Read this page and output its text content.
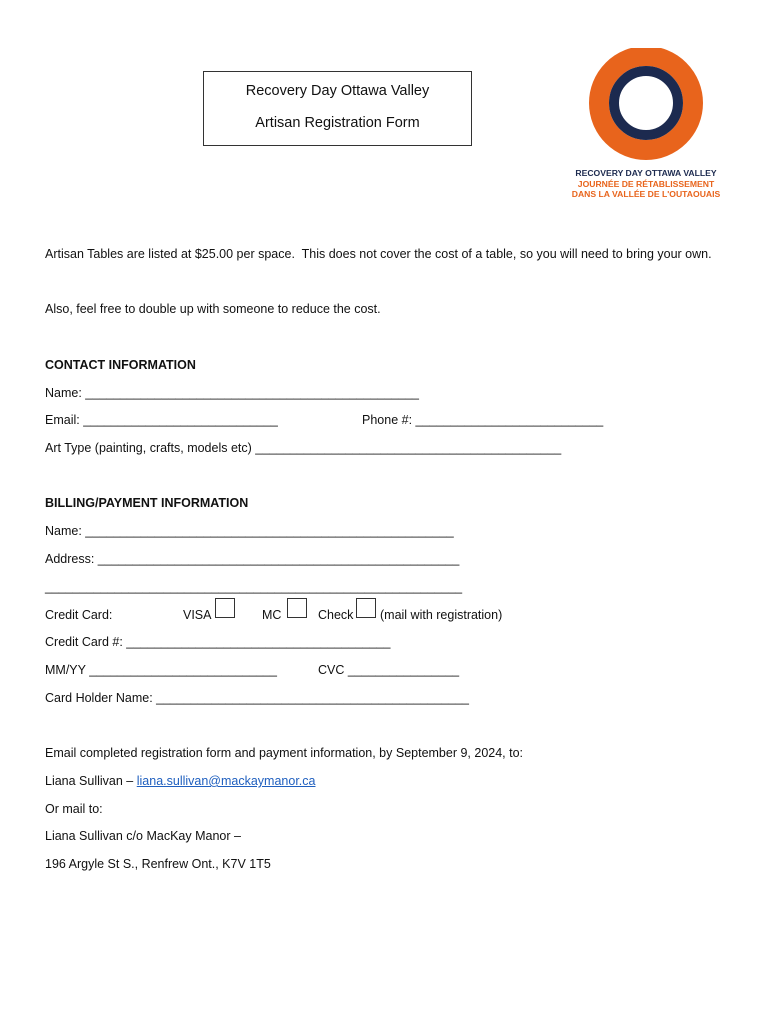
Recovery Day Ottawa Valley
Artisan Registration Form
RECOVERY DAY OTTAWA VALLEY
JOURNÉE DE RÉTABLISSEMENT
DANS LA VALLÉE DE L'OUTAOUAIS
Artisan Tables are listed at $25.00 per space.  This does not cover the cost of a table, so you will need to bring your own.
Also, feel free to double up with someone to reduce the cost.
CONTACT INFORMATION
Name: ________________________________________________
Email: ____________________________	Phone #: ___________________________
Art Type (painting, crafts, models etc) ____________________________________________
BILLING/PAYMENT INFORMATION
Name: _____________________________________________________
Address: ____________________________________________________
____________________________________________________________
Credit Card:	VISA	MC	Check (mail with registration)
Credit Card #: ______________________________________
MM/YY ___________________________	CVC ________________
Card Holder Name: _____________________________________________
Email completed registration form and payment information, by September 9, 2024, to:
Liana Sullivan – liana.sullivan@mackaymanor.ca
Or mail to:
Liana Sullivan c/o MacKay Manor –
196 Argyle St S., Renfrew Ont., K7V 1T5
